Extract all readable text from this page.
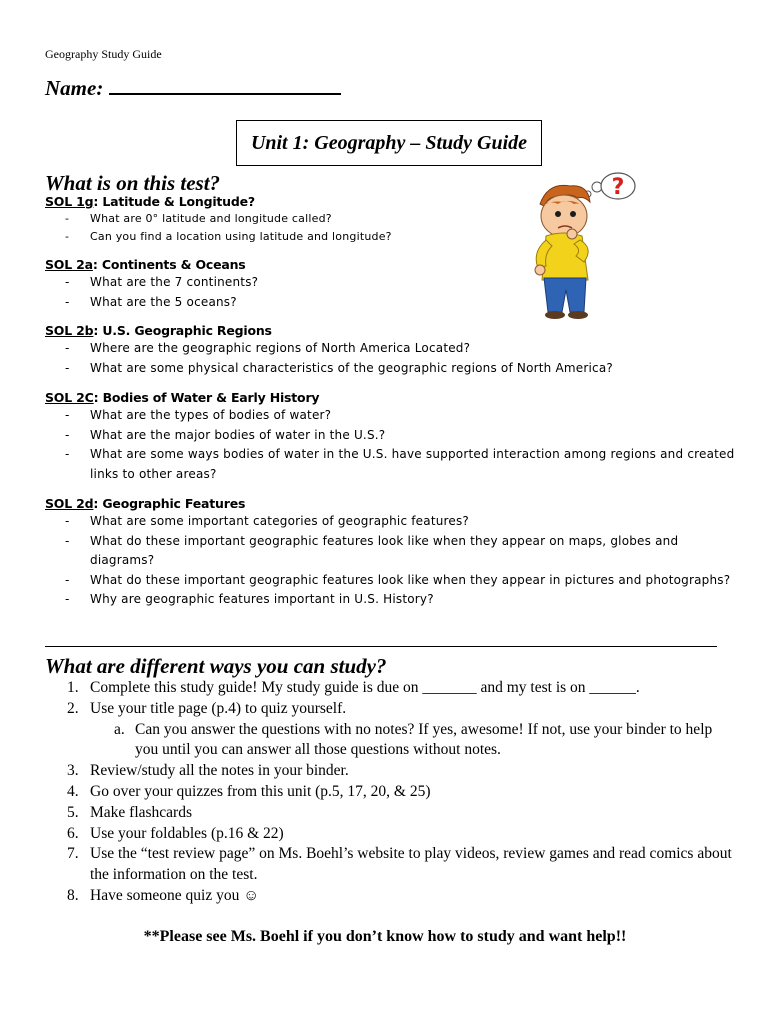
Geography Study Guide
Name:
Unit 1: Geography – Study Guide
What is on this test?
SOL 1g: Latitude & Longitude?
- What are 0° latitude and longitude called?
- Can you find a location using latitude and longitude?
SOL 2a: Continents & Oceans
- What are the 7 continents?
- What are the 5 oceans?
SOL 2b: U.S. Geographic Regions
- Where are the geographic regions of North America Located?
- What are some physical characteristics of the geographic regions of North America?
SOL 2C: Bodies of Water & Early History
- What are the types of bodies of water?
- What are the major bodies of water in the U.S.?
- What are some ways bodies of water in the U.S. have supported interaction among regions and created links to other areas?
SOL 2d: Geographic Features
- What are some important categories of geographic features?
- What do these important geographic features look like when they appear on maps, globes and diagrams?
- What do these important geographic features look like when they appear in pictures and photographs?
- Why are geographic features important in U.S. History?
?
What are different ways you can study?
1. Complete this study guide! My study guide is due on _______ and my test is on ______.
2. Use your title page (p.4) to quiz yourself.
a. Can you answer the questions with no notes? If yes, awesome! If not, use your binder to help you until you can answer all those questions without notes.
3. Review/study all the notes in your binder.
4. Go over your quizzes from this unit (p.5, 17, 20, & 25)
5. Make flashcards
6. Use your foldables (p.16 & 22)
7. Use the “test review page” on Ms. Boehl’s website to play videos, review games and read comics about the information on the test.
8. Have someone quiz you ☺
**Please see Ms. Boehl if you don’t know how to study and want help!!
